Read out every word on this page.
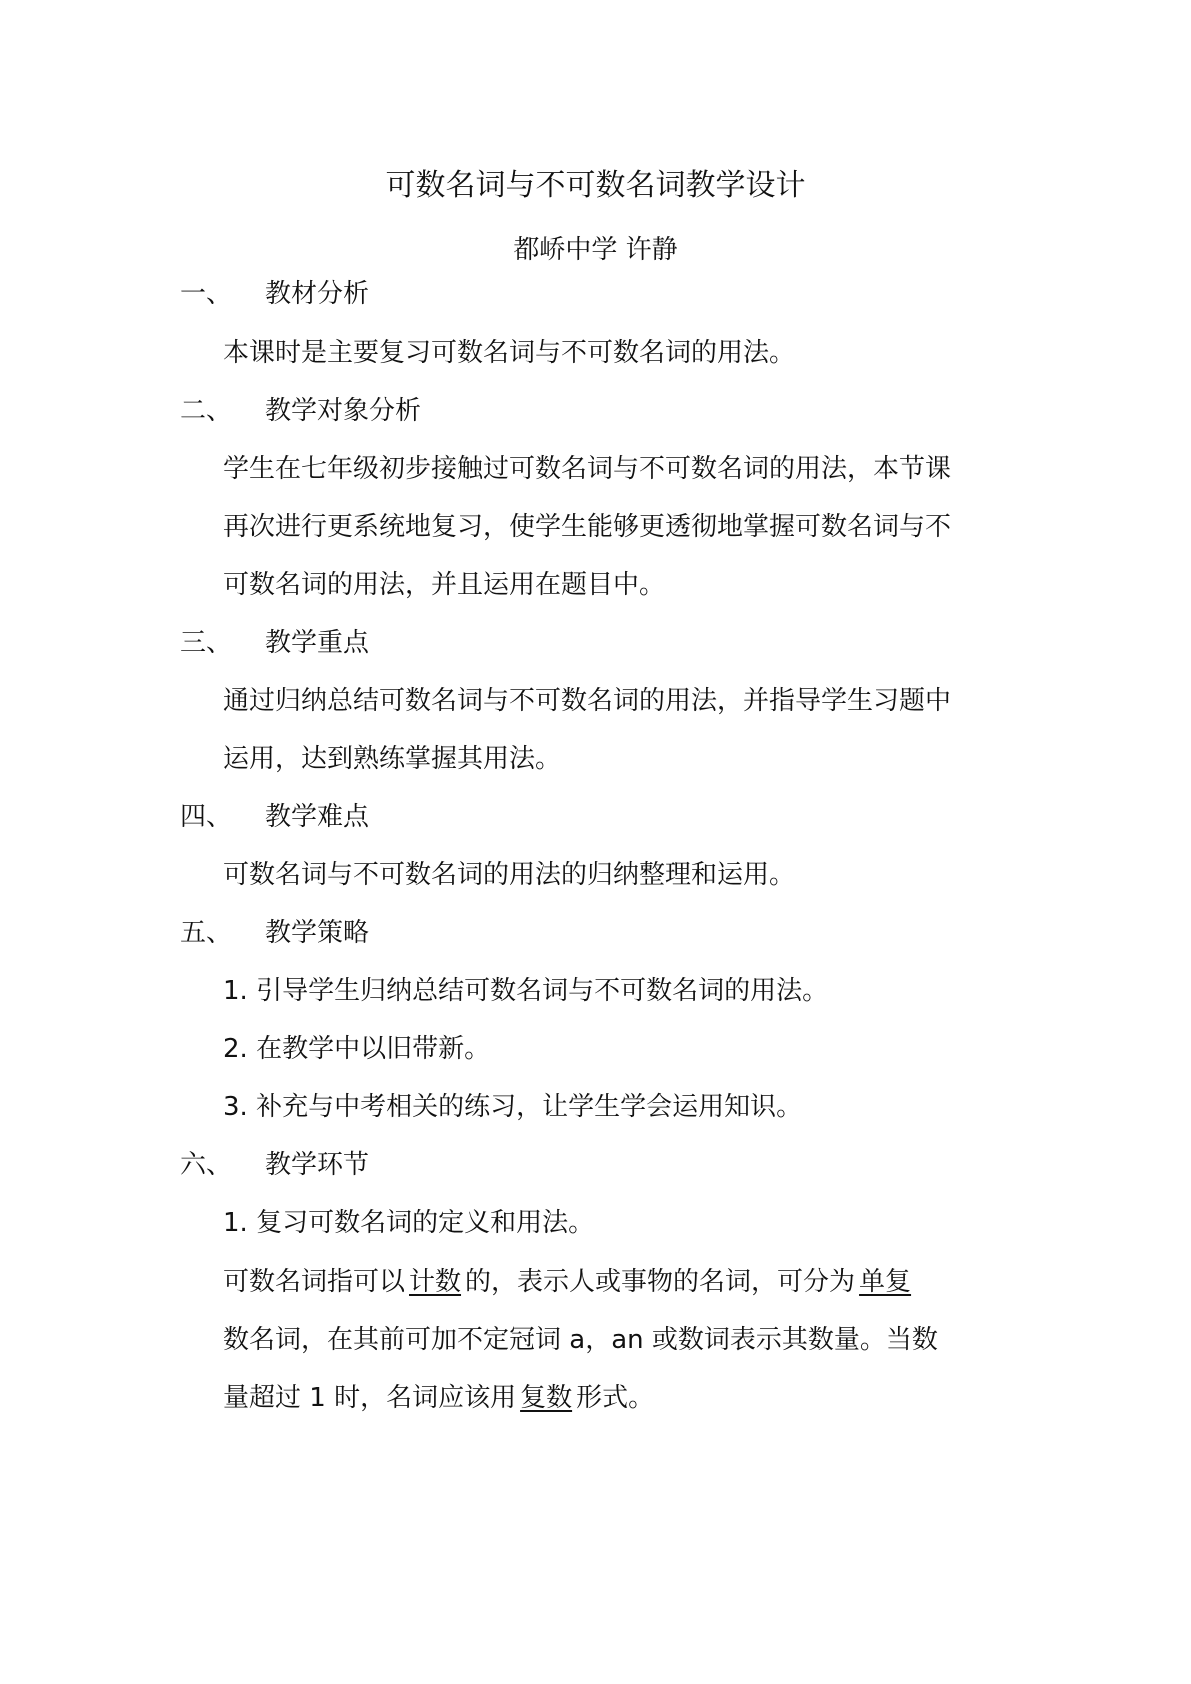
可数名词与不可数名词教学设计
都峤中学 许静
一、 教材分析
本课时是主要复习可数名词与不可数名词的用法。
二、 教学对象分析
学生在七年级初步接触过可数名词与不可数名词的用法，本节课
再次进行更系统地复习，使学生能够更透彻地掌握可数名词与不
可数名词的用法，并且运用在题目中。
三、 教学重点
通过归纳总结可数名词与不可数名词的用法，并指导学生习题中
运用，达到熟练掌握其用法。
四、 教学难点
可数名词与不可数名词的用法的归纳整理和运用。
五、 教学策略
1. 引导学生归纳总结可数名词与不可数名词的用法。
2. 在教学中以旧带新。
3. 补充与中考相关的练习，让学生学会运用知识。
六、 教学环节
1. 复习可数名词的定义和用法。
可数名词指可以 计数 的，表示人或事物的名词，可分为 单复
数名词，在其前可加不定冠词 a，an 或数词表示其数量。当数
量超过 1 时，名词应该用 复数 形式。
